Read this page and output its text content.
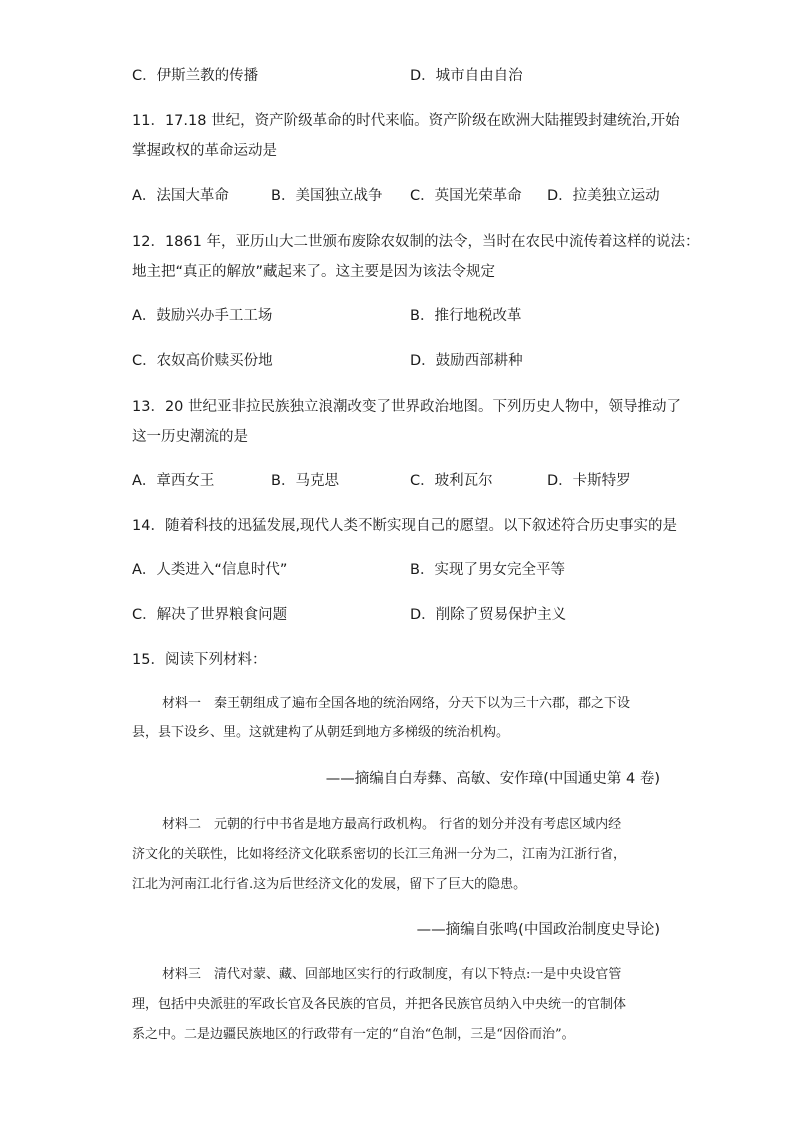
C．伊斯兰教的传播	D．城市自由自治
11．17.18 世纪，资产阶级革命的时代来临。资产阶级在欧洲大陆摧毁封建统治,开始
掌握政权的革命运动是
A．法国大革命	B．美国独立战争 C．英国光荣革命 D．拉美独立运动
12．1861 年，亚历山大二世颁布废除农奴制的法令，当时在农民中流传着这样的说法：
地主把“真正的解放”藏起来了。这主要是因为该法令规定
A．鼓励兴办手工工场	B．推行地税改革
C．农奴高价赎买份地	D．鼓励西部耕种
13．20 世纪亚非拉民族独立浪潮改变了世界政治地图。下列历史人物中，领导推动了
这一历史潮流的是
A．章西女王	B．马克思	C．玻利瓦尔	D．卡斯特罗
14．随着科技的迅猛发展,现代人类不断实现自己的愿望。以下叙述符合历史事实的是
A．人类进入“信息时代”	B．实现了男女完全平等
C．解决了世界粮食问题	D．削除了贸易保护主义
15．阅读下列材料：
材料一　秦王朝组成了遍布全国各地的统治网络，分天下以为三十六郡，郡之下设
县，县下设乡、里。这就建构了从朝廷到地方多梯级的统治机构。
——摘编自白寿彝、高敏、安作璋(中国通史第 4 卷)
材料二　元朝的行中书省是地方最高行政机构。 行省的划分并没有考虑区域内经
济文化的关联性，比如将经济文化联系密切的长江三角洲一分为二，江南为江浙行省，
江北为河南江北行省.这为后世经济文化的发展，留下了巨大的隐患。
——摘编自张鸣(中国政治制度史导论)
材料三　清代对蒙、藏、回部地区实行的行政制度，有以下特点:一是中央设官管
理，包括中央派驻的军政长官及各民族的官员，并把各民族官员纳入中央统一的官制体
系之中。二是边疆民族地区的行政带有一定的“自治“色制，三是“因俗而治”。
